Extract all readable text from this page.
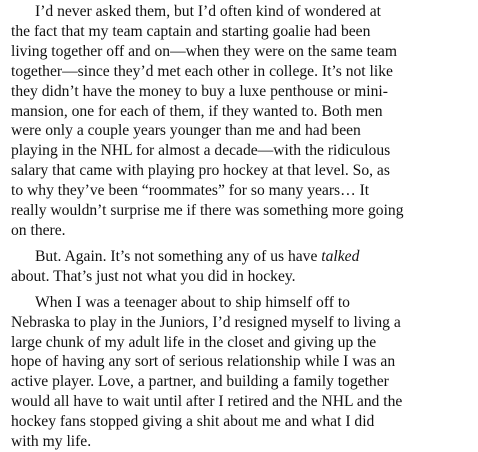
I’d never asked them, but I’d often kind of wondered at
the fact that my team captain and starting goalie had been
living together off and on—when they were on the same team
together—since they’d met each other in college. It’s not like
they didn’t have the money to buy a luxe penthouse or mini-
mansion, one for each of them, if they wanted to. Both men
were only a couple years younger than me and had been
playing in the NHL for almost a decade—with the ridiculous
salary that came with playing pro hockey at that level. So, as
to why they’ve been “roommates” for so many years… It
really wouldn’t surprise me if there was something more going
on there.

But. Again. It’s not something any of us have talked
about. That’s just not what you did in hockey.

When I was a teenager about to ship himself off to
Nebraska to play in the Juniors, I’d resigned myself to living a
large chunk of my adult life in the closet and giving up the
hope of having any sort of serious relationship while I was an
active player. Love, a partner, and building a family together
would all have to wait until after I retired and the NHL and the
hockey fans stopped giving a shit about me and what I did
with my life.
